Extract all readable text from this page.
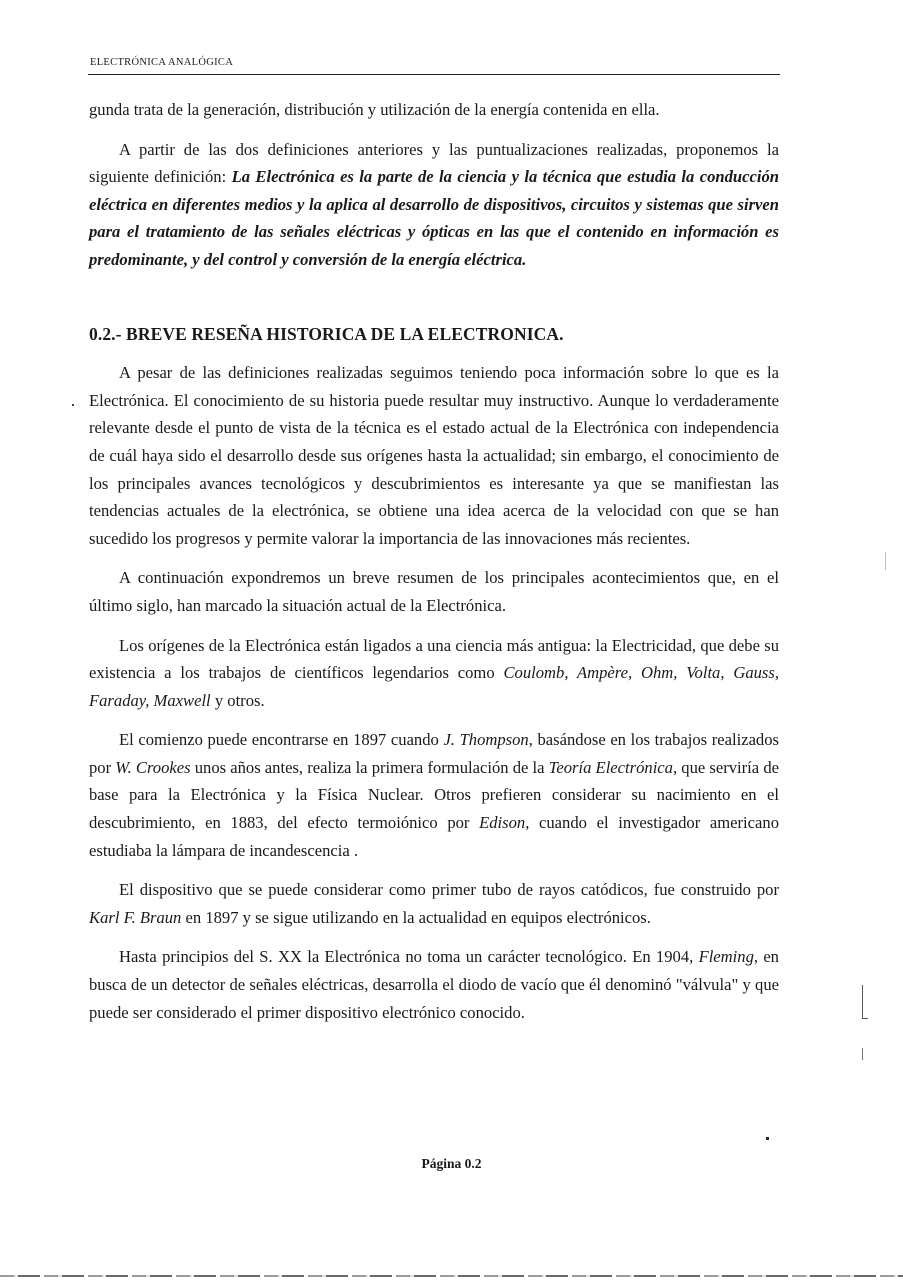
ELECTRÓNICA ANALÓGICA

gunda trata de la generación, distribución y utilización de la energía contenida en ella.

A partir de las dos definiciones anteriores y las puntualizaciones realizadas, proponemos la siguiente definición: La Electrónica es la parte de la ciencia y la técnica que estudia la conducción eléctrica en diferentes medios y la aplica al desarrollo de dispositivos, circuitos y sistemas que sirven para el tratamiento de las señales eléctricas y ópticas en las que el contenido en información es predominante, y del control y conversión de la energía eléctrica.

0.2.- BREVE RESEÑA HISTORICA DE LA ELECTRONICA.

A pesar de las definiciones realizadas seguimos teniendo poca información sobre lo que es la Electrónica. El conocimiento de su historia puede resultar muy instructivo. Aunque lo verdaderamente relevante desde el punto de vista de la técnica es el estado actual de la Electrónica con independencia de cuál haya sido el desarrollo desde sus orígenes hasta la actualidad; sin embargo, el conocimiento de los principales avances tecnológicos y descubrimientos es interesante ya que se manifiestan las tendencias actuales de la electrónica, se obtiene una idea acerca de la velocidad con que se han sucedido los progresos y permite valorar la importancia de las innovaciones más recientes.

A continuación expondremos un breve resumen de los principales acontecimientos que, en el último siglo, han marcado la situación actual de la Electrónica.

Los orígenes de la Electrónica están ligados a una ciencia más antigua: la Electricidad, que debe su existencia a los trabajos de científicos legendarios como Coulomb, Ampère, Ohm, Volta, Gauss, Faraday, Maxwell y otros.

El comienzo puede encontrarse en 1897 cuando J. Thompson, basándose en los trabajos realizados por W. Crookes unos años antes, realiza la primera formulación de la Teoría Electrónica, que serviría de base para la Electrónica y la Física Nuclear. Otros prefieren considerar su nacimiento en el descubrimiento, en 1883, del efecto termoiónico por Edison, cuando el investigador americano estudiaba la lámpara de incandescencia .

El dispositivo que se puede considerar como primer tubo de rayos catódicos, fue construido por Karl F. Braun en 1897 y se sigue utilizando en la actualidad en equipos electrónicos.

Hasta principios del S. XX la Electrónica no toma un carácter tecnológico. En 1904, Fleming, en busca de un detector de señales eléctricas, desarrolla el diodo de vacío que él denominó "válvula" y que puede ser considerado el primer dispositivo electrónico conocido.

Página 0.2
